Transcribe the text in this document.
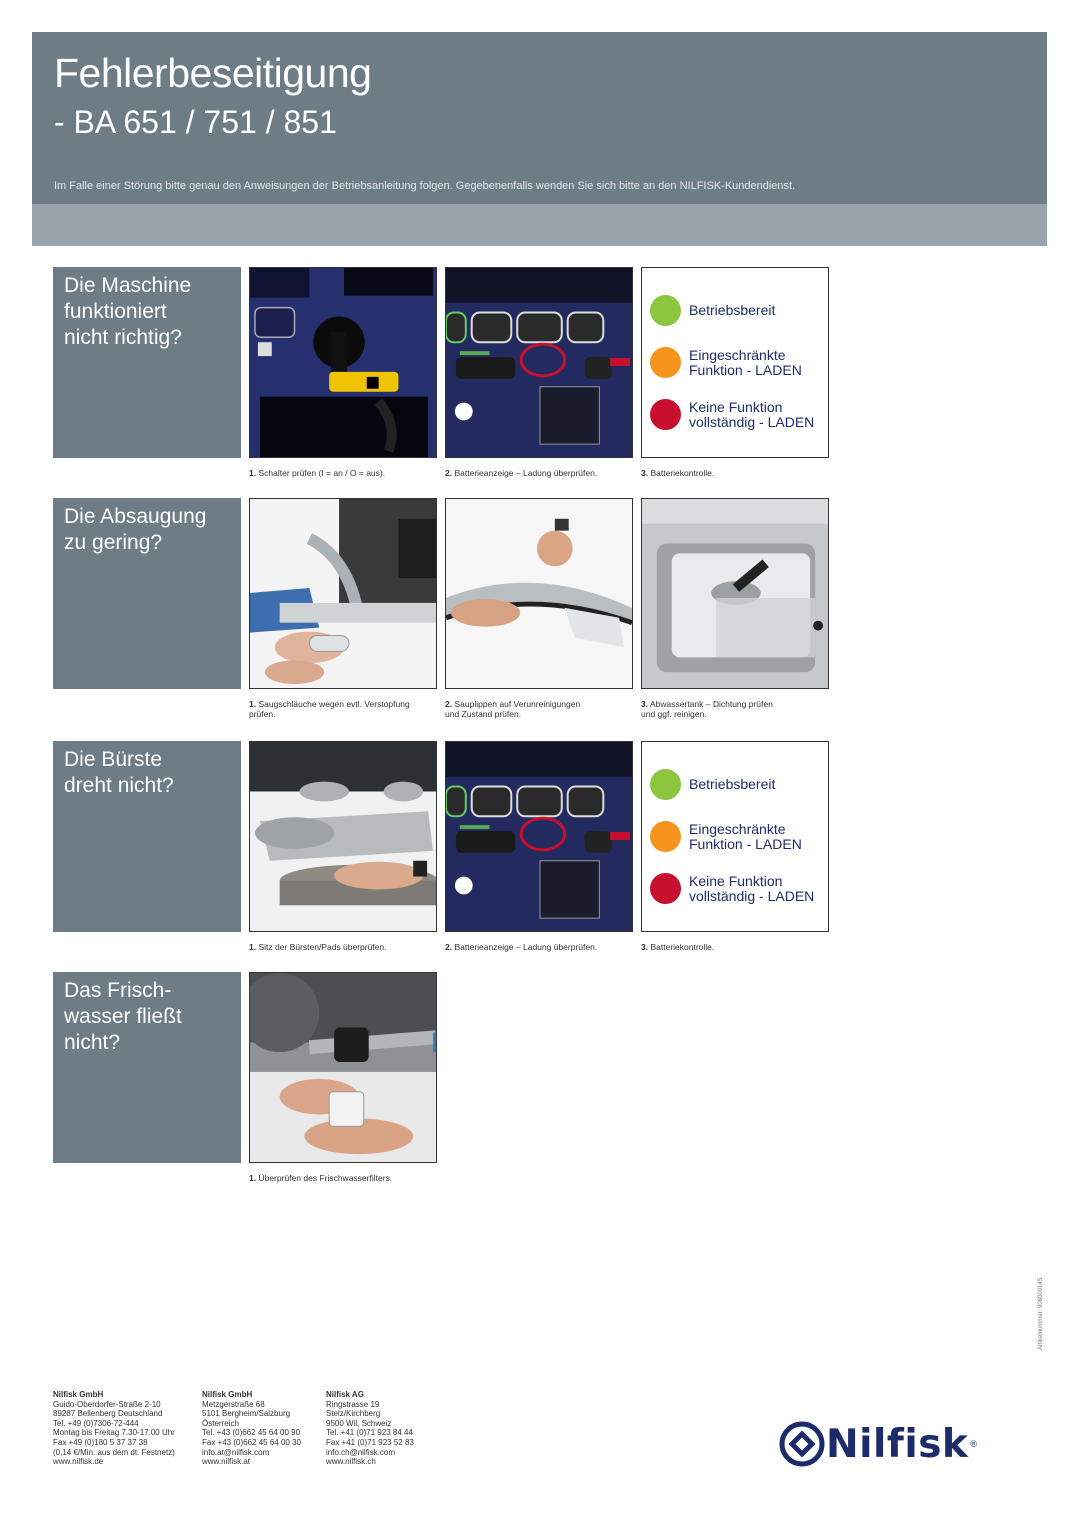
Fehlerbeseitigung
- BA 651 / 751 / 851
Im Falle einer Störung bitte genau den Anweisungen der Betriebsanleitung folgen. Gegebenenfalls wenden Sie sich bitte an den NILFISK-Kundendienst.
Die Maschine
funktioniert
nicht richtig?
Betriebsbereit
Eingeschränkte
Funktion - LADEN
Keine Funktion
vollständig - LADEN
1. Schalter prüfen (I = an / O = aus).	2. Batterieanzeige – Ladung überprüfen.	3. Batteriekontrolle.
Die Absaugung
zu gering?
1. Saugschläuche wegen evtl. Verstopfung
prüfen.
2. Sauplippen auf Verunreinigungen
und Zustand prüfen.
3. Abwassertank – Dichtung prüfen
und ggf. reinigen.
Die Bürste
dreht nicht?	Betriebsbereit
Eingeschränkte
Funktion - LADEN
Keine Funktion
vollständig - LADEN
1. Sitz der Bürsten/Pads überprüfen.	2. Batterieanzeige – Ladung überprüfen.	3. Batteriekontrolle.
Das Frisch-
wasser fließt
nicht?
1. Überprüfen des Frischwasserfilters.
Artikelnummer: 908000145
Nilfisk GmbH
Guido-Oberdorfer-Straße 2-10
89287 Bellenberg Deutschland
Tel. +49 (0)7306-72-444
Montag bis Freitag 7.30-17.00 Uhr
Fax +49 (0)180 5 37 37 38
(0,14 €/Min. aus dem dt. Festnetz)
www.nilfisk.de
Nilfisk GmbH
Metzgerstraße 68
5101 Bergheim/Salzburg
Österreich
Tel. +43 (0)662 45 64 00 90
Fax +43 (0)662 45 64 00 30
info.at@nilfisk.com
www.nilfisk.at
Nilfisk AG
Ringstrasse 19
Stelz/Kirchberg
9500 Wil, Schweiz
Tel. +41 (0)71 923 84 44
Fax +41 (0)71 923 52 83
info.ch@nilfisk.com
www.nilfisk.ch	Nilfisk ®
